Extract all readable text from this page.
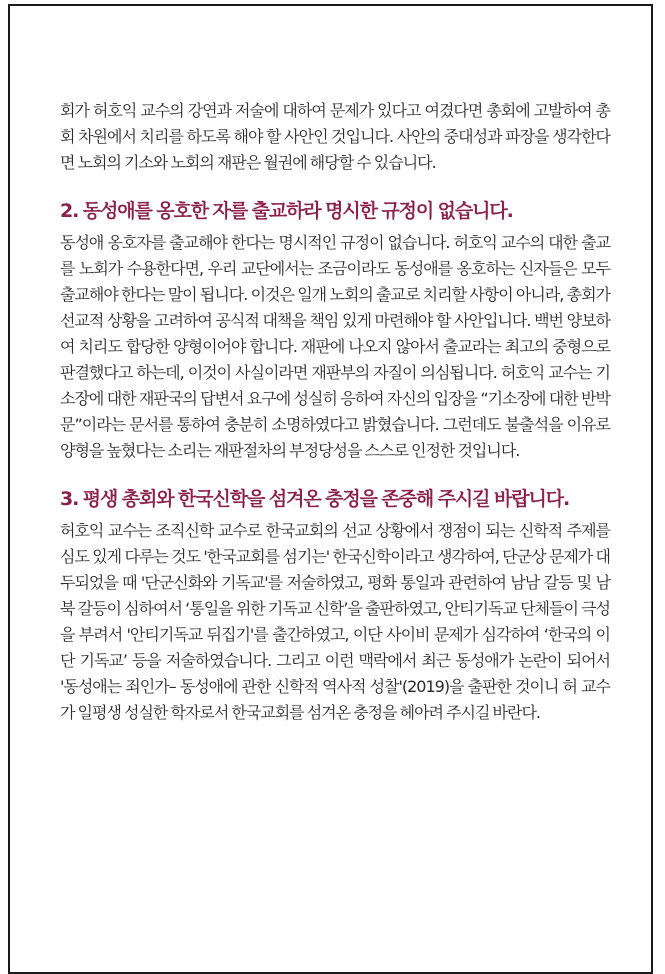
회가 허호익 교수의 강연과 저술에 대하여 문제가 있다고 여겼다면 총회에 고발하여 총회 차원에서 치리를 하도록 해야 할 사안인 것입니다. 사안의 중대성과 파장을 생각한다면 노회의 기소와 노회의 재판은 월권에 해당할 수 있습니다.

2. 동성애를 옹호한 자를 출교하라 명시한 규정이 없습니다.

동성애 옹호자를 출교해야 한다는 명시적인 규정이 없습니다. 허호익 교수의 대한 출교를 노회가 수용한다면, 우리 교단에서는 조금이라도 동성애를 옹호하는 신자들은 모두 출교해야 한다는 말이 됩니다. 이것은 일개 노회의 출교로 치리할 사항이 아니라, 총회가 선교적 상황을 고려하여 공식적 대책을 책임 있게 마련해야 할 사안입니다. 백번 양보하여 치리도 합당한 양형이어야 합니다. 재판에 나오지 않아서 출교라는 최고의 중형으로 판결했다고 하는데, 이것이 사실이라면 재판부의 자질이 의심됩니다. 허호익 교수는 기소장에 대한 재판국의 답변서 요구에 성실히 응하여 자신의 입장을 “기소장에 대한 반박문”이라는 문서를 통하여 충분히 소명하였다고 밝혔습니다. 그런데도 불출석을 이유로 양형을 높혔다는 소리는 재판절차의 부정당성을 스스로 인정한 것입니다.

3. 평생 총회와 한국신학을 섬겨온 충정을 존중해 주시길 바랍니다.

허호익 교수는 조직신학 교수로 한국교회의 선교 상황에서 쟁점이 되는 신학적 주제를 심도 있게 다루는 것도 '한국교회를 섬기는' 한국신학이라고 생각하여, 단군상 문제가 대두되었을 때 '단군신화와 기독교'를 저술하였고, 평화 통일과 관련하여 남남 갈등 및 남북 갈등이 심하여서 ‘통일을 위한 기독교 신학’을 출판하였고, 안티기독교 단체들이 극성을 부려서 '안티기독교 뒤집기'를 출간하였고, 이단 사이비 문제가 심각하여 ‘한국의 이단 기독교’ 등을 저술하였습니다. 그리고 이런 맥락에서 최근 동성애가 논란이 되어서 '동성애는 죄인가– 동성애에 관한 신학적 역사적 성찰'(2019)을 출판한 것이니 허 교수가 일평생 성실한 학자로서 한국교회를 섬겨온 충정을 헤아려 주시길 바란다.
